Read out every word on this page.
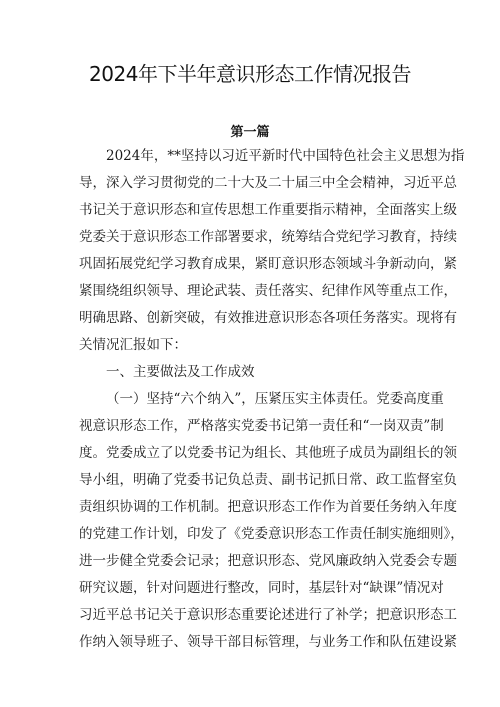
2024年下半年意识形态工作情况报告
第一篇
2024年，**坚持以习近平新时代中国特色社会主义思想为指
导，深入学习贯彻党的二十大及二十届三中全会精神，习近平总
书记关于意识形态和宣传思想工作重要指示精神，全面落实上级
党委关于意识形态工作部署要求，统筹结合党纪学习教育，持续
巩固拓展党纪学习教育成果，紧盯意识形态领域斗争新动向，紧
紧围绕组织领导、理论武装、责任落实、纪律作风等重点工作，
明确思路、创新突破，有效推进意识形态各项任务落实。现将有
关情况汇报如下：
一、主要做法及工作成效
（一）坚持“六个纳入”，压紧压实主体责任。党委高度重
视意识形态工作，严格落实党委书记第一责任和“一岗双责”制
度。党委成立了以党委书记为组长、其他班子成员为副组长的领
导小组，明确了党委书记负总责、副书记抓日常、政工监督室负
责组织协调的工作机制。把意识形态工作作为首要任务纳入年度
的党建工作计划，印发了《党委意识形态工作责任制实施细则》，
进一步健全党委会记录；把意识形态、党风廉政纳入党委会专题
研究议题，针对问题进行整改，同时，基层针对“缺课”情况对
习近平总书记关于意识形态重要论述进行了补学；把意识形态工
作纳入领导班子、领导干部目标管理，与业务工作和队伍建设紧
